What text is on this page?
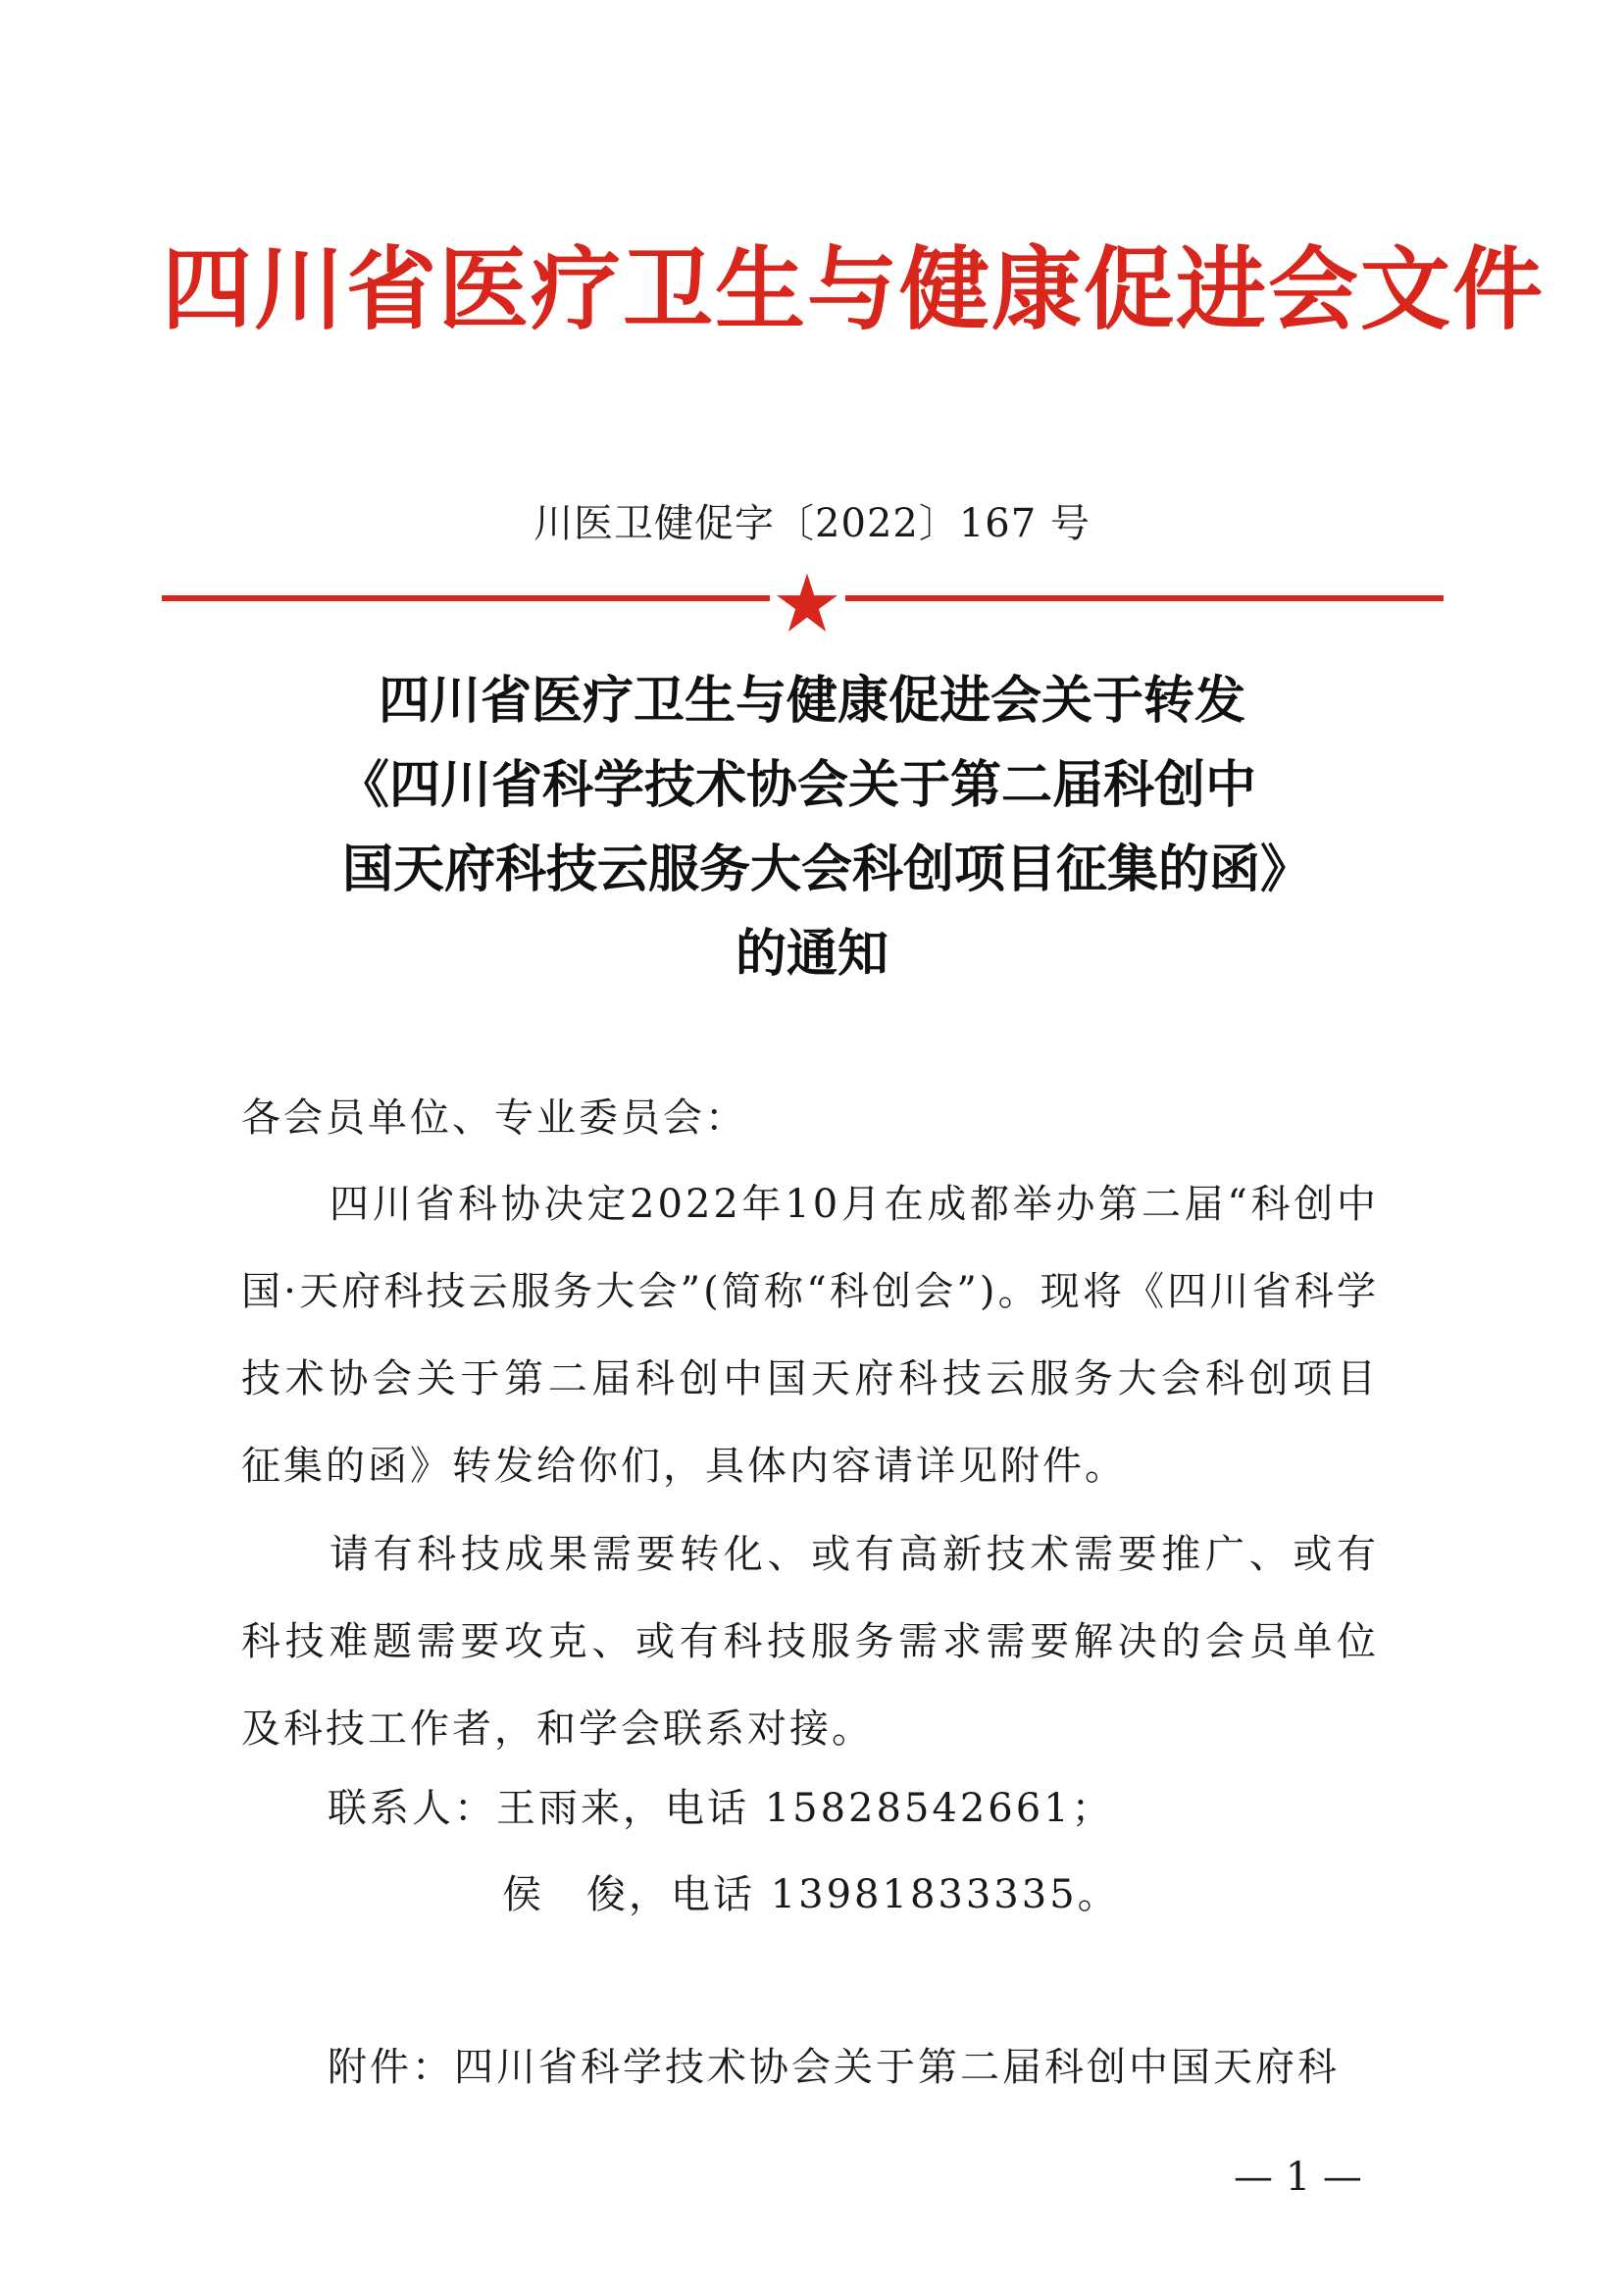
四川省医疗卫生与健康促进会文件
川医卫健促字〔2022〕167 号
四川省医疗卫生与健康促进会关于转发
《四川省科学技术协会关于第二届科创中
国天府科技云服务大会科创项目征集的函》
的通知
各会员单位、专业委员会：
四川省科协决定2022年10月在成都举办第二届“科创中国·天府科技云服务大会”(简称“科创会”)。现将《四川省科学技术协会关于第二届科创中国天府科技云服务大会科创项目征集的函》转发给你们，具体内容请详见附件。
请有科技成果需要转化、或有高新技术需要推广、或有科技难题需要攻克、或有科技服务需求需要解决的会员单位及科技工作者，和学会联系对接。
联系人：王雨来，电话 15828542661；
侯　俊，电话 13981833335。
附件：四川省科学技术协会关于第二届科创中国天府科
— 1 —
